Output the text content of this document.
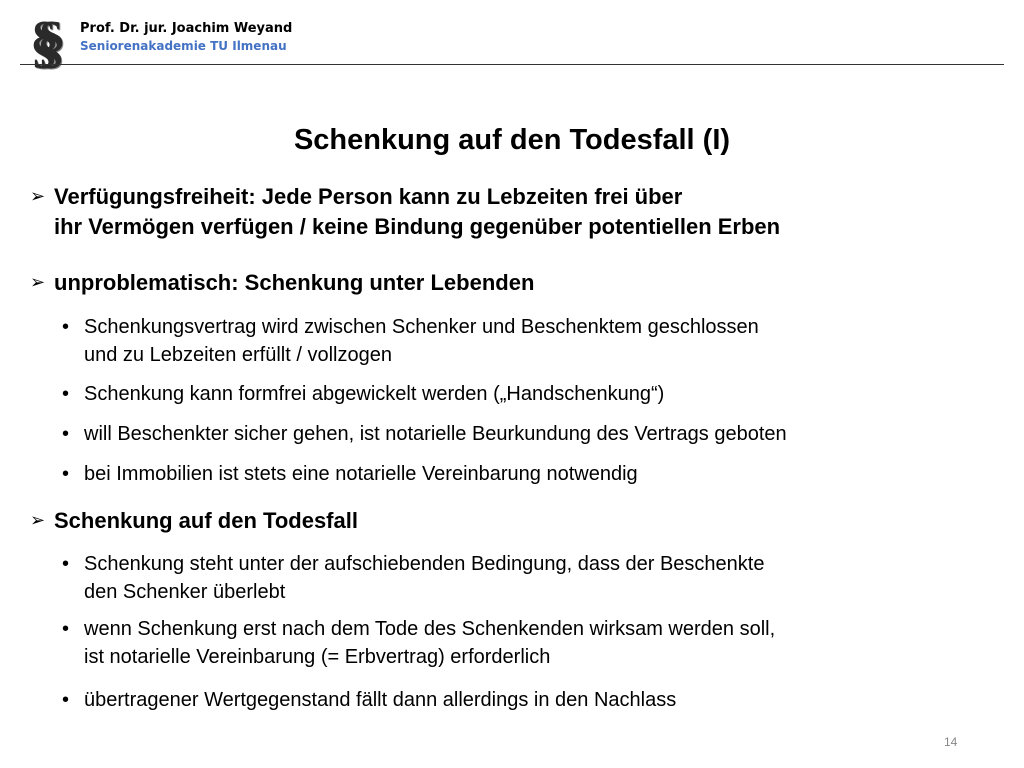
§§	Prof. Dr. jur. Joachim Weyand
Seniorenakademie TU Ilmenau
Schenkung auf den Todesfall (I)
➢ Verfügungsfreiheit: Jede Person kann zu Lebzeiten frei über
ihr Vermögen verfügen / keine Bindung gegenüber potentiellen Erben
➢ unproblematisch: Schenkung unter Lebenden
• Schenkungsvertrag wird zwischen Schenker und Beschenktem geschlossen
und zu Lebzeiten erfüllt / vollzogen
• Schenkung kann formfrei abgewickelt werden („Handschenkung“)
• will Beschenkter sicher gehen, ist notarielle Beurkundung des Vertrags geboten
• bei Immobilien ist stets eine notarielle Vereinbarung notwendig
➢ Schenkung auf den Todesfall
• Schenkung steht unter der aufschiebenden Bedingung, dass der Beschenkte
den Schenker überlebt
• wenn Schenkung erst nach dem Tode des Schenkenden wirksam werden soll,
ist notarielle Vereinbarung (= Erbvertrag) erforderlich
• übertragener Wertgegenstand fällt dann allerdings in den Nachlass
14
